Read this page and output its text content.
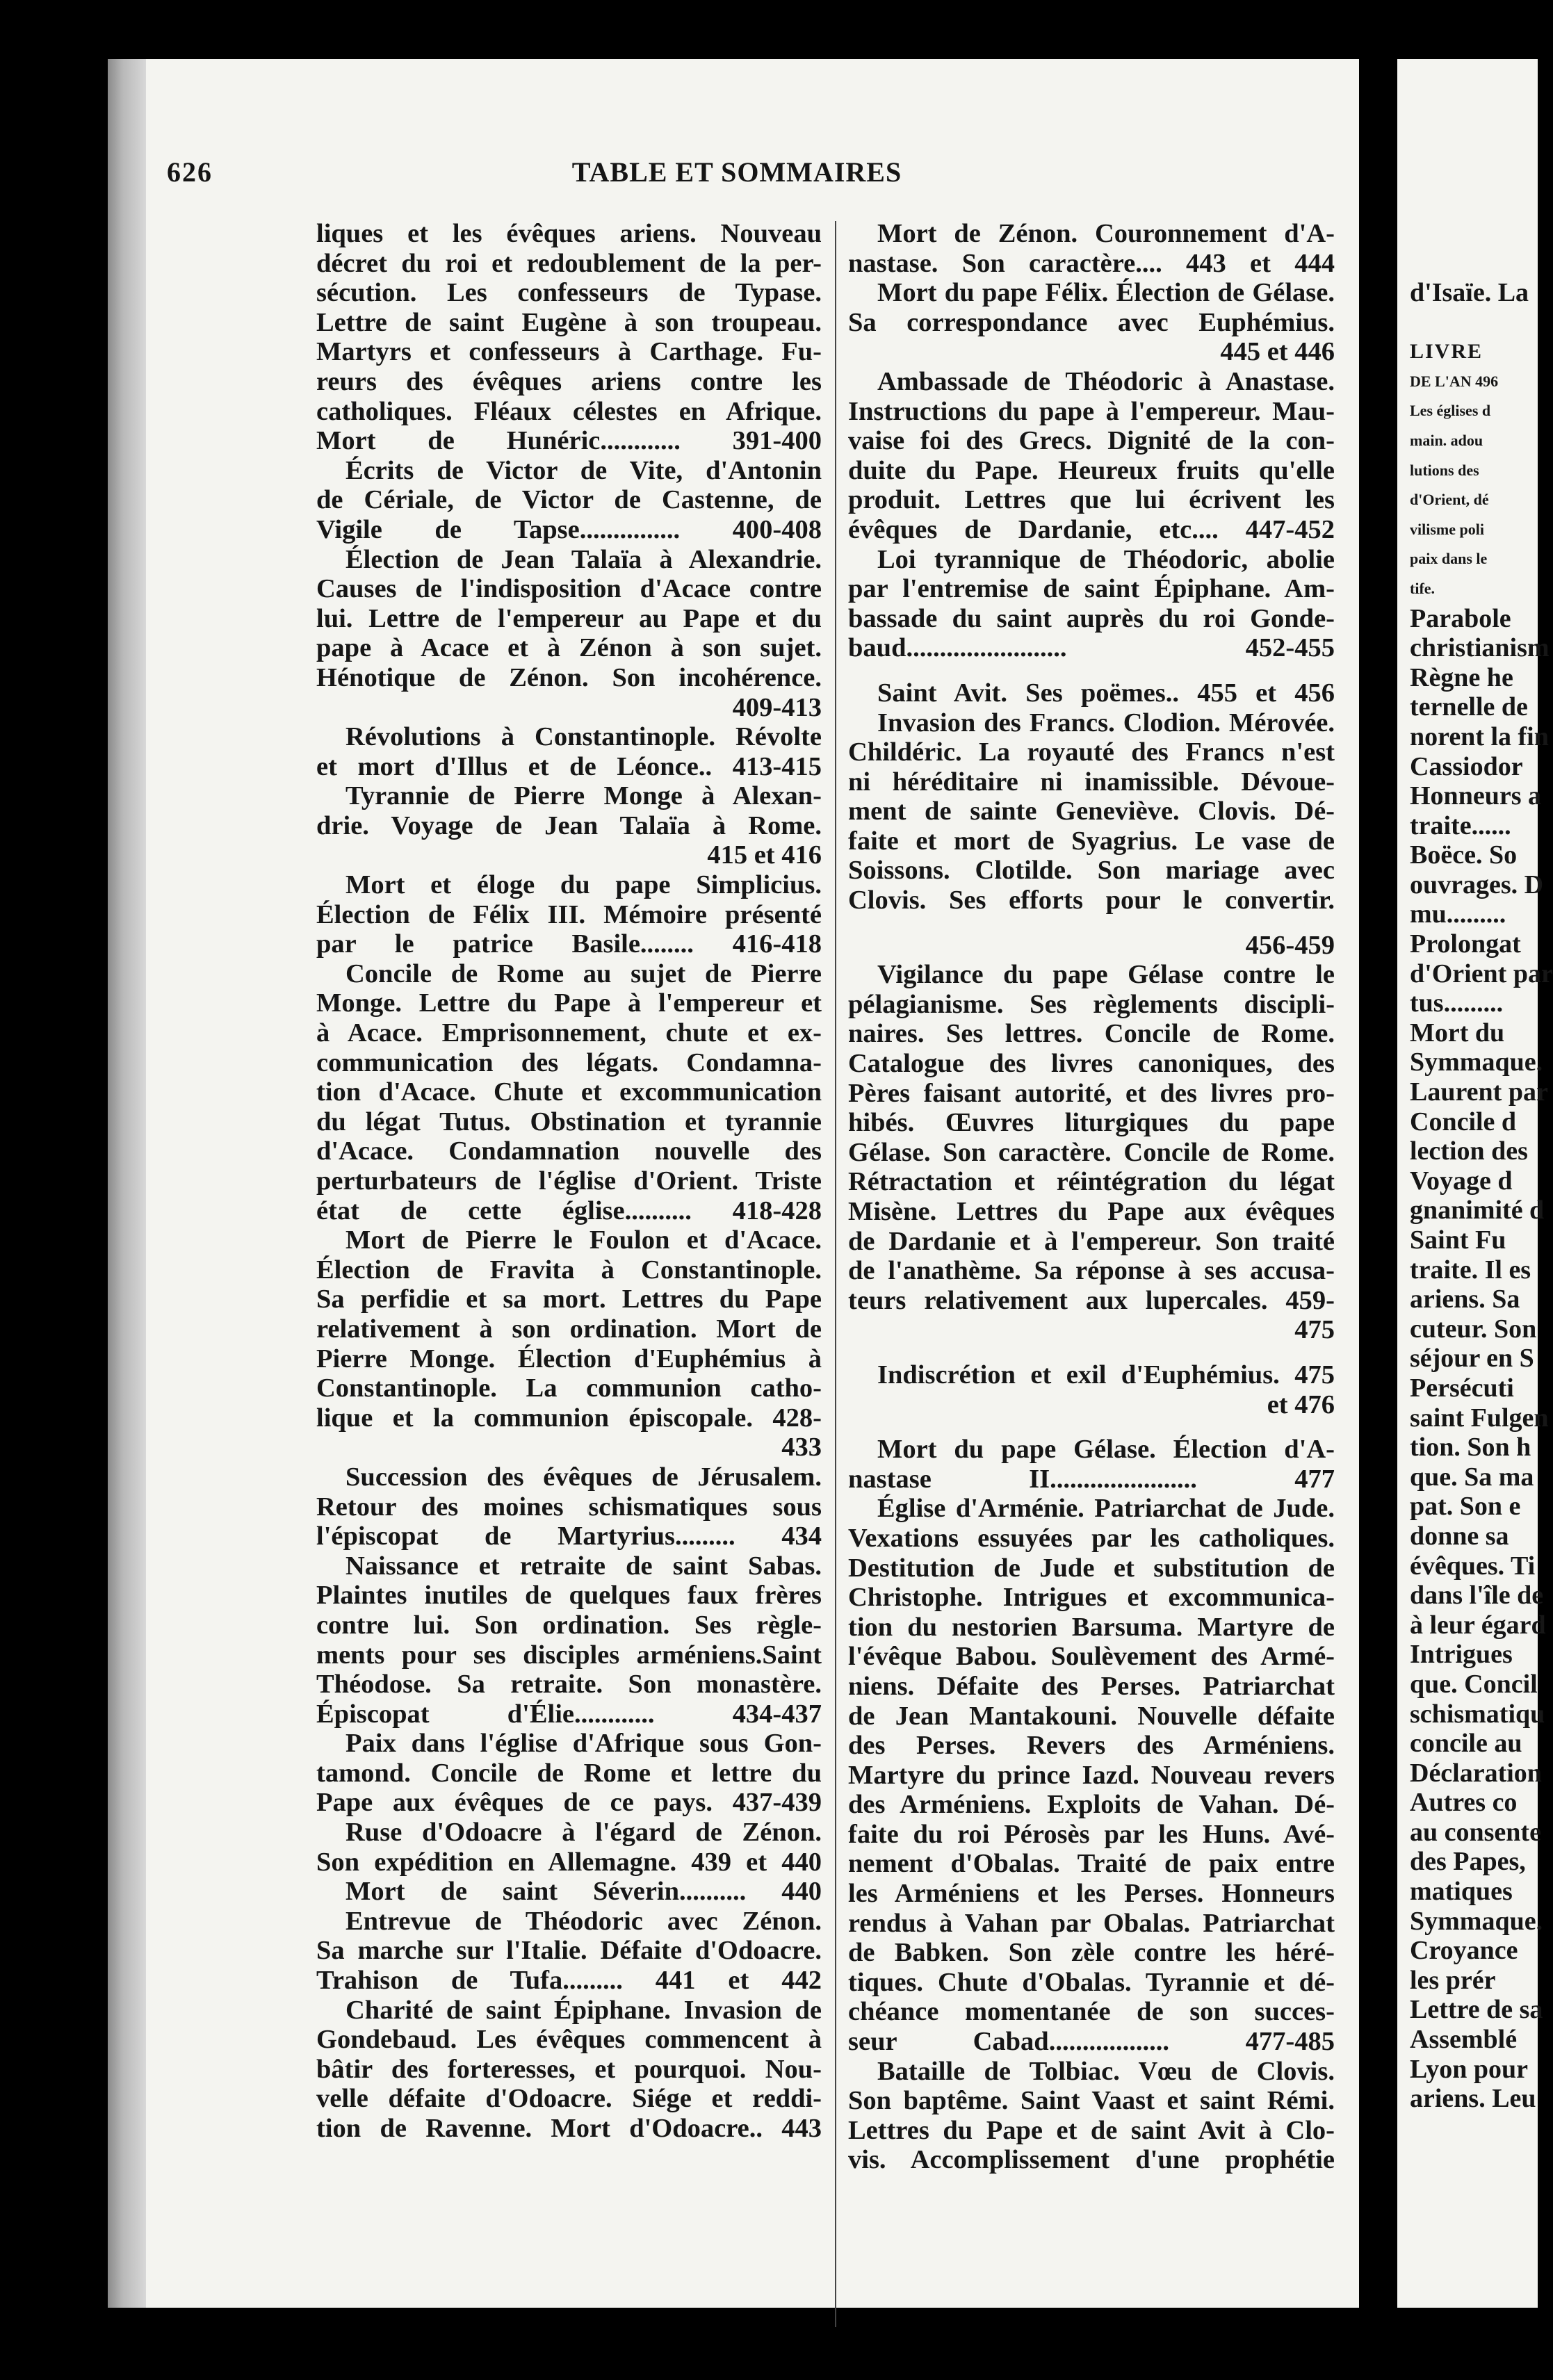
d'Isaïe. La
LIVRE
DE L'AN 496
Les églises d
main. adou
lutions des
d'Orient, dé
vilisme poli
paix dans le
tife.
Parabole
christianism
Règne he
ternelle de
norent la fin
Cassiodor
Honneurs a
traite......
Boëce. So
ouvrages. D
mu.........
Prolongat
d'Orient par
tus.........
Mort du
Symmaque.
Laurent par
Concile d
lection des
Voyage d
gnanimité d
Saint Fu
traite. Il es
ariens. Sa
cuteur. Son
séjour en S
Persécuti
saint Fulgen
tion. Son h
que. Sa ma
pat. Son e
donne sa
évêques. Ti
dans l'île de
à leur égard
Intrigues
que. Concil
schismatiqu
concile au
Déclaration
Autres co
au consente
des Papes,
matiques
Symmaque.
Croyance
les prér
Lettre de sa
Assemblé
Lyon pour
ariens. Leu
626	TABLE ET SOMMAIRES
liques et les évêques ariens. Nouveau
décret du roi et redoublement de la per-
sécution. Les confesseurs de Typase.
Lettre de saint Eugène à son troupeau.
Martyrs et confesseurs à Carthage. Fu-
reurs des évêques ariens contre les
catholiques. Fléaux célestes en Afrique.
Mort de Hunéric............ 391-400
Écrits de Victor de Vite, d'Antonin
de Cériale, de Victor de Castenne, de
Vigile de Tapse............... 400-408
Élection de Jean Talaïa à Alexandrie.
Causes de l'indisposition d'Acace contre
lui. Lettre de l'empereur au Pape et du
pape à Acace et à Zénon à son sujet.
Hénotique de Zénon. Son incohérence.
409-413
Révolutions à Constantinople. Révolte
et mort d'Illus et de Léonce.. 413-415
Tyrannie de Pierre Monge à Alexan-
drie. Voyage de Jean Talaïa à Rome.
415 et 416
Mort et éloge du pape Simplicius.
Élection de Félix III. Mémoire présenté
par le patrice Basile........ 416-418
Concile de Rome au sujet de Pierre
Monge. Lettre du Pape à l'empereur et
à Acace. Emprisonnement, chute et ex-
communication des légats. Condamna-
tion d'Acace. Chute et excommunication
du légat Tutus. Obstination et tyrannie
d'Acace. Condamnation nouvelle des
perturbateurs de l'église d'Orient. Triste
état de cette église.......... 418-428
Mort de Pierre le Foulon et d'Acace.
Élection de Fravita à Constantinople.
Sa perfidie et sa mort. Lettres du Pape
relativement à son ordination. Mort de
Pierre Monge. Élection d'Euphémius à
Constantinople. La communion catho-
lique et la communion épiscopale. 428-
433
Succession des évêques de Jérusalem.
Retour des moines schismatiques sous
l'épiscopat de Martyrius......... 434
Naissance et retraite de saint Sabas.
Plaintes inutiles de quelques faux frères
contre lui. Son ordination. Ses règle-
ments pour ses disciples arméniens.Saint
Théodose. Sa retraite. Son monastère.
Épiscopat d'Élie............ 434-437
Paix dans l'église d'Afrique sous Gon-
tamond. Concile de Rome et lettre du
Pape aux évêques de ce pays. 437-439
Ruse d'Odoacre à l'égard de Zénon.
Son expédition en Allemagne. 439 et 440
Mort de saint Séverin.......... 440
Entrevue de Théodoric avec Zénon.
Sa marche sur l'Italie. Défaite d'Odoacre.
Trahison de Tufa......... 441 et 442
Charité de saint Épiphane. Invasion de
Gondebaud. Les évêques commencent à
bâtir des forteresses, et pourquoi. Nou-
velle défaite d'Odoacre. Siége et reddi-
tion de Ravenne. Mort d'Odoacre.. 443
Mort de Zénon. Couronnement d'A-
nastase. Son caractère.... 443 et 444
Mort du pape Félix. Élection de Gélase.
Sa correspondance avec Euphémius.
445 et 446
Ambassade de Théodoric à Anastase.
Instructions du pape à l'empereur. Mau-
vaise foi des Grecs. Dignité de la con-
duite du Pape. Heureux fruits qu'elle
produit. Lettres que lui écrivent les
évêques de Dardanie, etc.... 447-452
Loi tyrannique de Théodoric, abolie
par l'entremise de saint Épiphane. Am-
bassade du saint auprès du roi Gonde-
baud........................ 452-455
Saint Avit. Ses poëmes.. 455 et 456
Invasion des Francs. Clodion. Mérovée.
Childéric. La royauté des Francs n'est
ni héréditaire ni inamissible. Dévoue-
ment de sainte Geneviève. Clovis. Dé-
faite et mort de Syagrius. Le vase de
Soissons. Clotilde. Son mariage avec
Clovis. Ses efforts pour le convertir.
456-459
Vigilance du pape Gélase contre le
pélagianisme. Ses règlements discipli-
naires. Ses lettres. Concile de Rome.
Catalogue des livres canoniques, des
Pères faisant autorité, et des livres pro-
hibés. Œuvres liturgiques du pape
Gélase. Son caractère. Concile de Rome.
Rétractation et réintégration du légat
Misène. Lettres du Pape aux évêques
de Dardanie et à l'empereur. Son traité
de l'anathème. Sa réponse à ses accusa-
teurs relativement aux lupercales. 459-
475
Indiscrétion et exil d'Euphémius. 475
et 476
Mort du pape Gélase. Élection d'A-
nastase II...................... 477
Église d'Arménie. Patriarchat de Jude.
Vexations essuyées par les catholiques.
Destitution de Jude et substitution de
Christophe. Intrigues et excommunica-
tion du nestorien Barsuma. Martyre de
l'évêque Babou. Soulèvement des Armé-
niens. Défaite des Perses. Patriarchat
de Jean Mantakouni. Nouvelle défaite
des Perses. Revers des Arméniens.
Martyre du prince Iazd. Nouveau revers
des Arméniens. Exploits de Vahan. Dé-
faite du roi Pérosès par les Huns. Avé-
nement d'Obalas. Traité de paix entre
les Arméniens et les Perses. Honneurs
rendus à Vahan par Obalas. Patriarchat
de Babken. Son zèle contre les héré-
tiques. Chute d'Obalas. Tyrannie et dé-
chéance momentanée de son succes-
seur Cabad.................. 477-485
Bataille de Tolbiac. Vœu de Clovis.
Son baptême. Saint Vaast et saint Rémi.
Lettres du Pape et de saint Avit à Clo-
vis. Accomplissement d'une prophétie
